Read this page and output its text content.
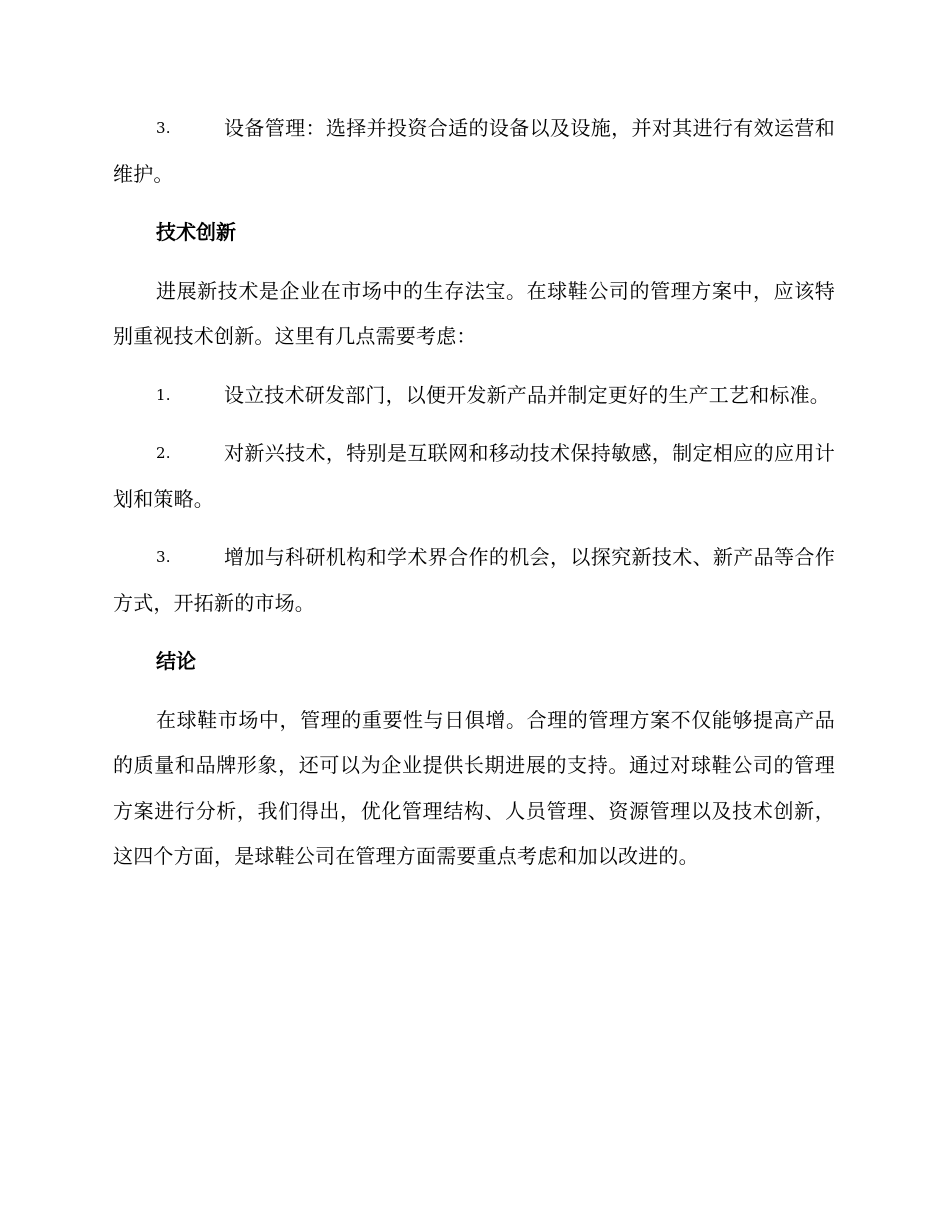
3.	设备管理：选择并投资合适的设备以及设施，并对其进行有效运营和维护。
技术创新
进展新技术是企业在市场中的生存法宝。在球鞋公司的管理方案中，应该特别重视技术创新。这里有几点需要考虑：
1.	设立技术研发部门，以便开发新产品并制定更好的生产工艺和标准。
2.	对新兴技术，特别是互联网和移动技术保持敏感，制定相应的应用计划和策略。
3.	增加与科研机构和学术界合作的机会，以探究新技术、新产品等合作方式，开拓新的市场。
结论
在球鞋市场中，管理的重要性与日俱增。合理的管理方案不仅能够提高产品的质量和品牌形象，还可以为企业提供长期进展的支持。通过对球鞋公司的管理方案进行分析，我们得出，优化管理结构、人员管理、资源管理以及技术创新，这四个方面，是球鞋公司在管理方面需要重点考虑和加以改进的。
